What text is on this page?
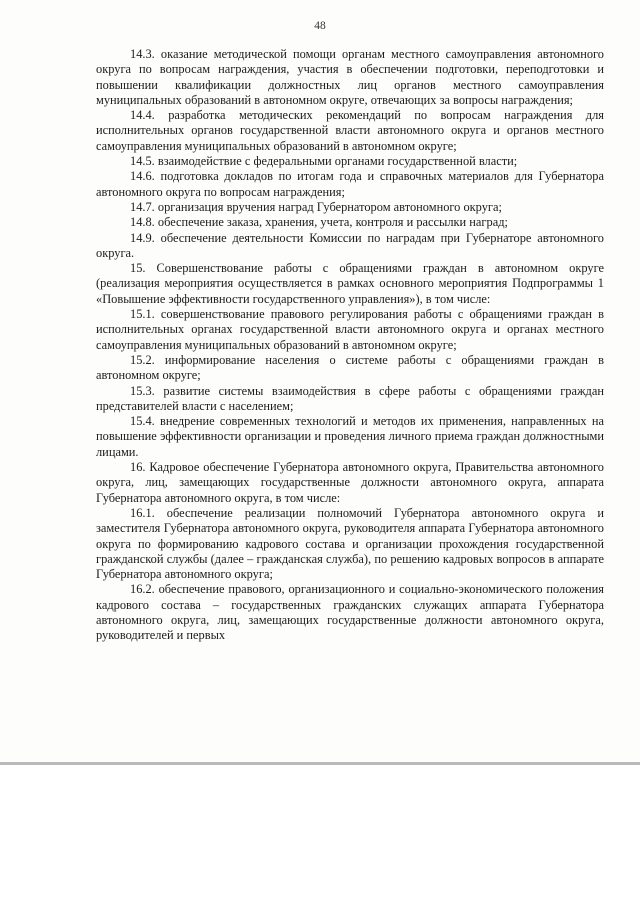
48

14.3. оказание методической помощи органам местного самоуправления автономного округа по вопросам награждения, участия в обеспечении подготовки, переподготовки и повышении квалификации должностных лиц органов местного самоуправления муниципальных образований в автономном округе, отвечающих за вопросы награждения;

14.4. разработка методических рекомендаций по вопросам награждения для исполнительных органов государственной власти автономного округа и органов местного самоуправления муниципальных образований в автономном округе;

14.5. взаимодействие с федеральными органами государственной власти;

14.6. подготовка докладов по итогам года и справочных материалов для Губернатора автономного округа по вопросам награждения;

14.7. организация вручения наград Губернатором автономного округа;

14.8. обеспечение заказа, хранения, учета, контроля и рассылки наград;

14.9. обеспечение деятельности Комиссии по наградам при Губернаторе автономного округа.

15. Совершенствование работы с обращениями граждан в автономном округе (реализация мероприятия осуществляется в рамках основного мероприятия Подпрограммы 1 «Повышение эффективности государственного управления»), в том числе:

15.1. совершенствование правового регулирования работы с обращениями граждан в исполнительных органах государственной власти автономного округа и органах местного самоуправления муниципальных образований в автономном округе;

15.2. информирование населения о системе работы с обращениями граждан в автономном округе;

15.3. развитие системы взаимодействия в сфере работы с обращениями граждан представителей власти с населением;

15.4. внедрение современных технологий и методов их применения, направленных на повышение эффективности организации и проведения личного приема граждан должностными лицами.

16. Кадровое обеспечение Губернатора автономного округа, Правительства автономного округа, лиц, замещающих государственные должности автономного округа, аппарата Губернатора автономного округа, в том числе:

16.1. обеспечение реализации полномочий Губернатора автономного округа и заместителя Губернатора автономного округа, руководителя аппарата Губернатора автономного округа по формированию кадрового состава и организации прохождения государственной гражданской службы (далее – гражданская служба), по решению кадровых вопросов в аппарате Губернатора автономного округа;

16.2. обеспечение правового, организационного и социально-экономического положения кадрового состава – государственных гражданских служащих аппарата Губернатора автономного округа, лиц, замещающих государственные должности автономного округа, руководителей и первых
